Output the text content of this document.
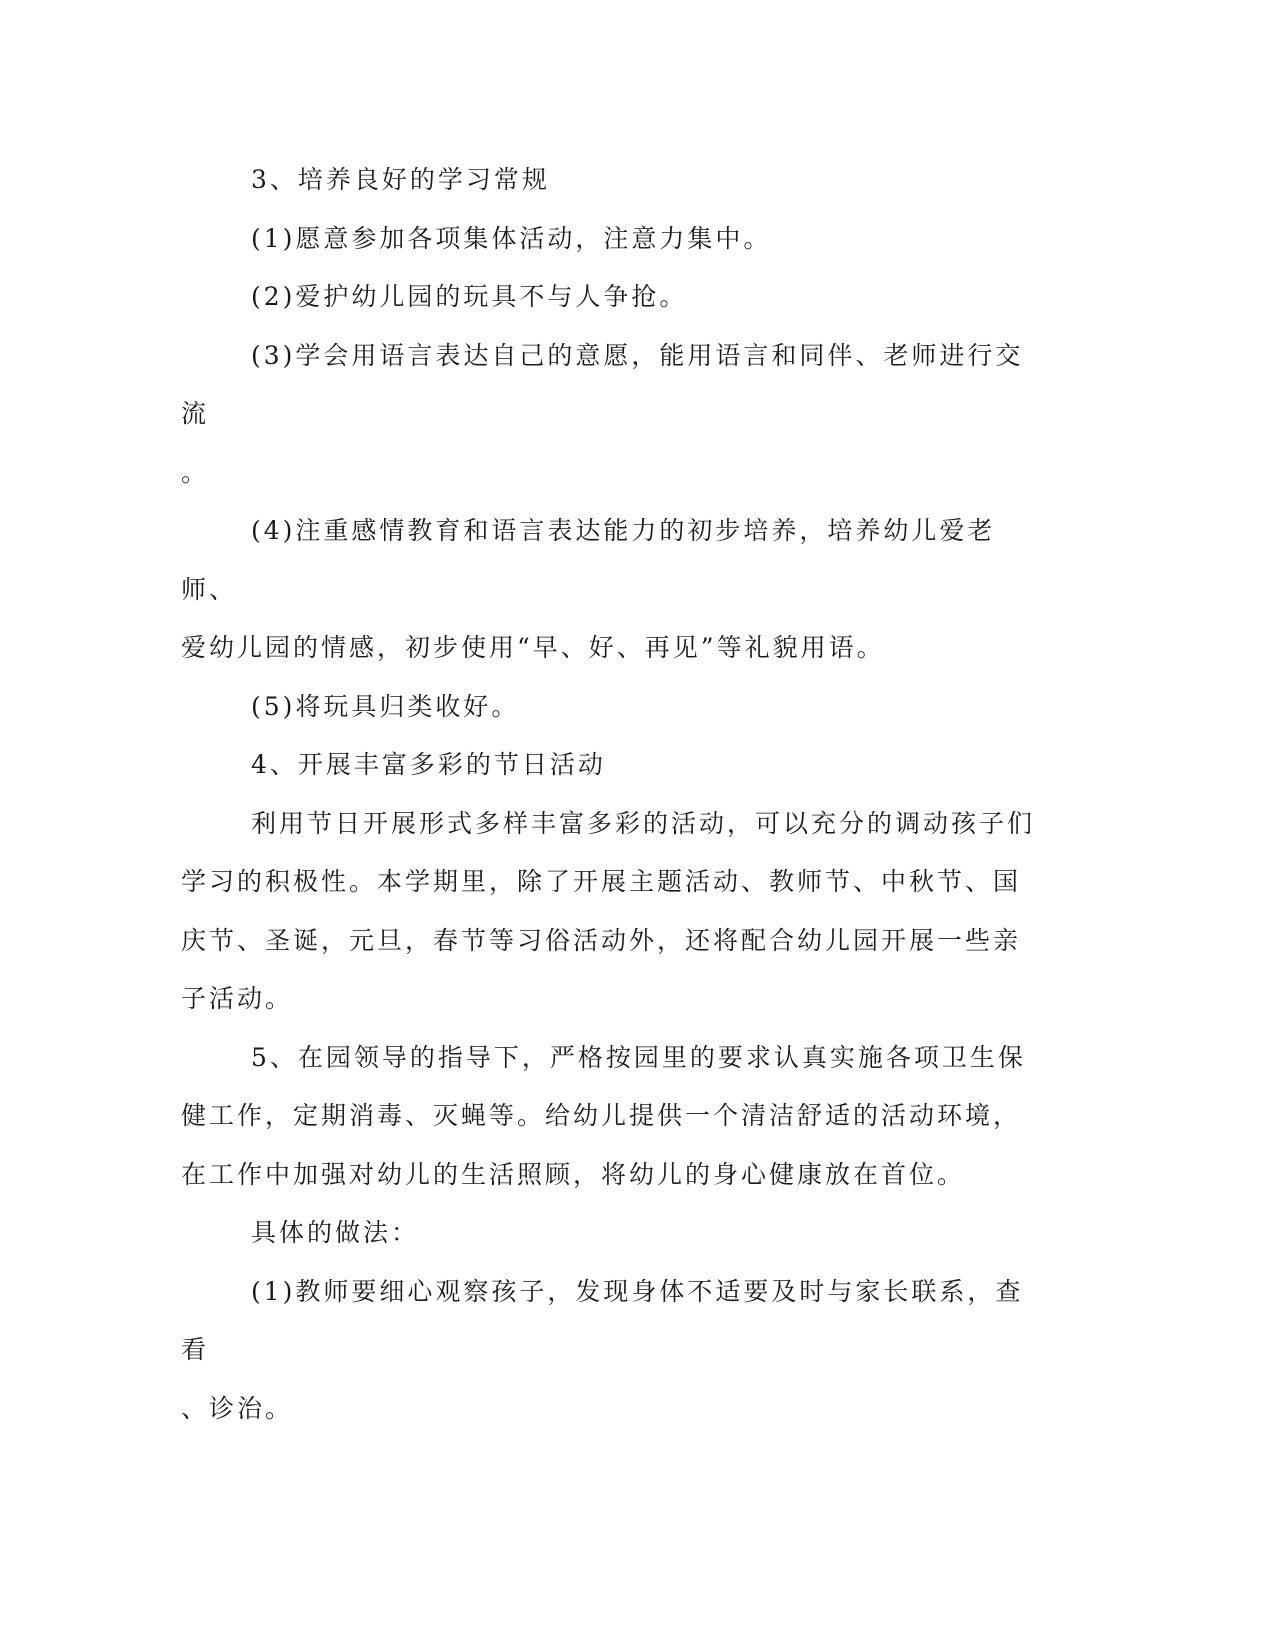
3、培养良好的学习常规

(1)愿意参加各项集体活动，注意力集中。

(2)爱护幼儿园的玩具不与人争抢。

(3)学会用语言表达自己的意愿，能用语言和同伴、老师进行交流
。

(4)注重感情教育和语言表达能力的初步培养，培养幼儿爱老师、
爱幼儿园的情感，初步使用“早、好、再见”等礼貌用语。

(5)将玩具归类收好。

4、开展丰富多彩的节日活动

利用节日开展形式多样丰富多彩的活动，可以充分的调动孩子们
学习的积极性。本学期里，除了开展主题活动、教师节、中秋节、国
庆节、圣诞，元旦，春节等习俗活动外，还将配合幼儿园开展一些亲
子活动。

5、在园领导的指导下，严格按园里的要求认真实施各项卫生保
健工作，定期消毒、灭蝇等。给幼儿提供一个清洁舒适的活动环境，
在工作中加强对幼儿的生活照顾，将幼儿的身心健康放在首位。

具体的做法：

(1)教师要细心观察孩子，发现身体不适要及时与家长联系，查看
、诊治。
